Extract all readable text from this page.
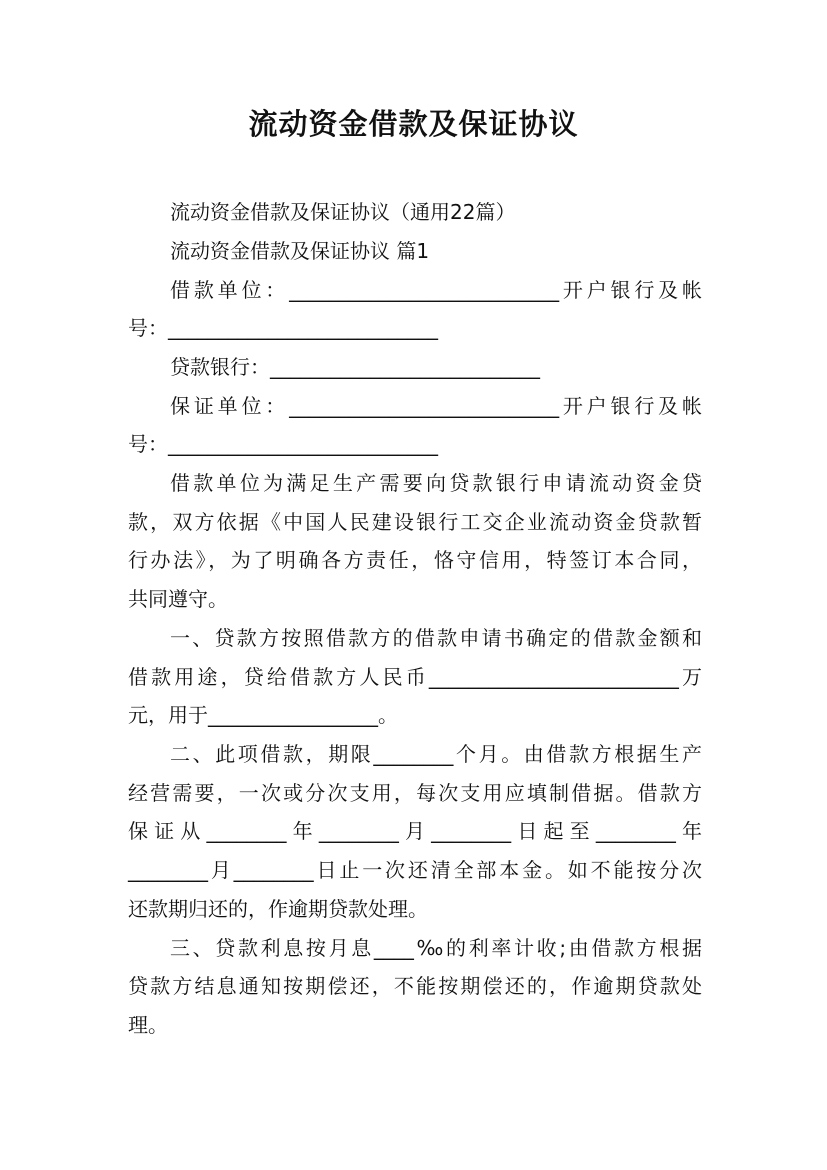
流动资金借款及保证协议
流动资金借款及保证协议（通用22篇）
流动资金借款及保证协议 篇1
借款单位：___________________________开户银行及帐
号：___________________________
贷款银行：___________________________
保证单位：___________________________开户银行及帐
号：___________________________
借款单位为满足生产需要向贷款银行申请流动资金贷
款，双方依据《中国人民建设银行工交企业流动资金贷款暂
行办法》，为了明确各方责任，恪守信用，特签订本合同，
共同遵守。
一、贷款方按照借款方的借款申请书确定的借款金额和
借款用途，贷给借款方人民币_________________________万
元，用于_________________。
二、此项借款，期限________个月。由借款方根据生产
经营需要，一次或分次支用，每次支用应填制借据。借款方
保证从________年________月________日起至________年
________月________日止一次还清全部本金。如不能按分次
还款期归还的，作逾期贷款处理。
三、贷款利息按月息____‰的利率计收;由借款方根据
贷款方结息通知按期偿还，不能按期偿还的，作逾期贷款处
理。
